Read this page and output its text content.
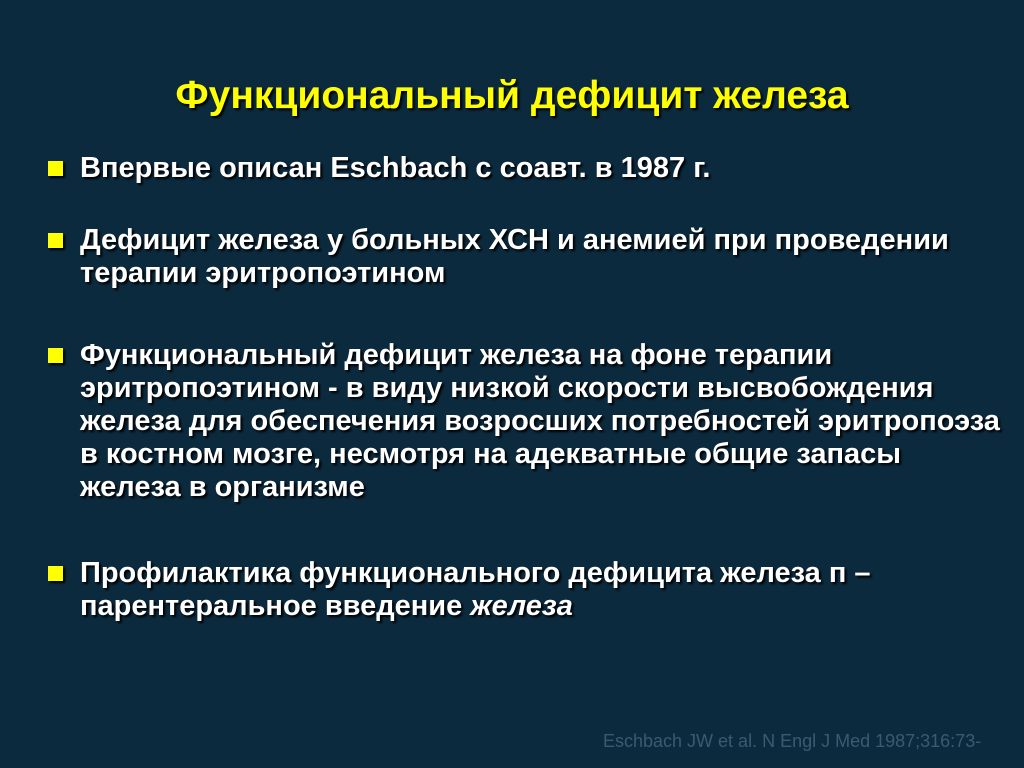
Функциональный дефицит железа
Впервые описан Eschbach с соавт. в 1987 г.
Дефицит железа у больных ХСН и анемией при проведении терапии эритропоэтином
Функциональный дефицит железа на фоне терапии эритропоэтином - в виду низкой скорости высвобождения железа для обеспечения возросших потребностей эритропоэза в костном мозге, несмотря на адекватные общие запасы железа в организме
Профилактика функционального дефицита железа п – парентеральное введение железа
Eschbach JW et al. N Engl J Med 1987;316:73-
